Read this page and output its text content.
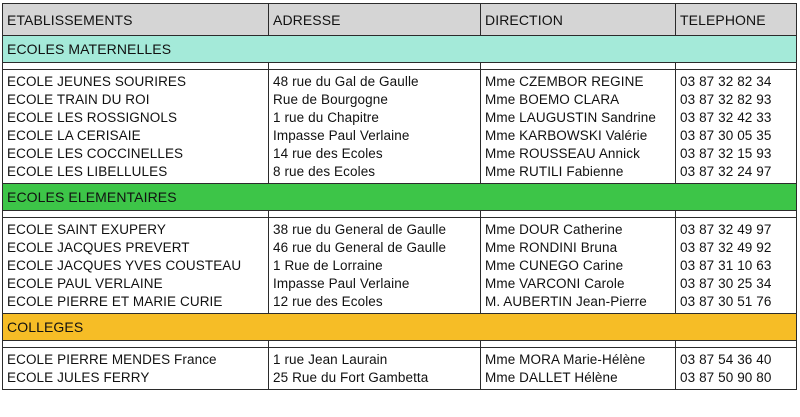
ETABLISSEMENTS	ADRESSE	DIRECTION	TELEPHONE
ECOLES MATERNELLES			

ECOLE JEUNES SOURIRES	48 rue du Gal de Gaulle	Mme CZEMBOR REGINE	03 87 32 82 34
ECOLE TRAIN DU ROI	Rue de Bourgogne	Mme BOEMO CLARA	03 87 32 82 93
ECOLE LES ROSSIGNOLS	1 rue du Chapitre	Mme LAUGUSTIN Sandrine	03 87 32 42 33
ECOLE LA CERISAIE	Impasse Paul Verlaine	Mme KARBOWSKI Valérie	03 87 30 05 35
ECOLE LES COCCINELLES	14 rue des Ecoles	Mme ROUSSEAU Annick	03 87 32 15 93
ECOLE LES LIBELLULES	8 rue des Ecoles	Mme RUTILI Fabienne	03 87 32 24 97
ECOLES ELEMENTAIRES			

ECOLE SAINT EXUPERY	38 rue du General de Gaulle	Mme DOUR Catherine	03 87 32 49 97
ECOLE JACQUES PREVERT	46 rue du General de Gaulle	Mme RONDINI Bruna	03 87 32 49 92
ECOLE JACQUES YVES COUSTEAU	1 Rue de Lorraine	Mme CUNEGO Carine	03 87 31 10 63
ECOLE PAUL VERLAINE	Impasse Paul Verlaine	Mme VARCONI Carole	03 87 30 25 34
ECOLE PIERRE ET MARIE CURIE	12 rue des Ecoles	M. AUBERTIN Jean-Pierre	03 87 30 51 76
COLLEGES			

ECOLE PIERRE MENDES France	1 rue Jean Laurain	Mme MORA Marie-Hélène	03 87 54 36 40
ECOLE JULES FERRY	25 Rue du Fort Gambetta	Mme DALLET Hélène	03 87 50 90 80
